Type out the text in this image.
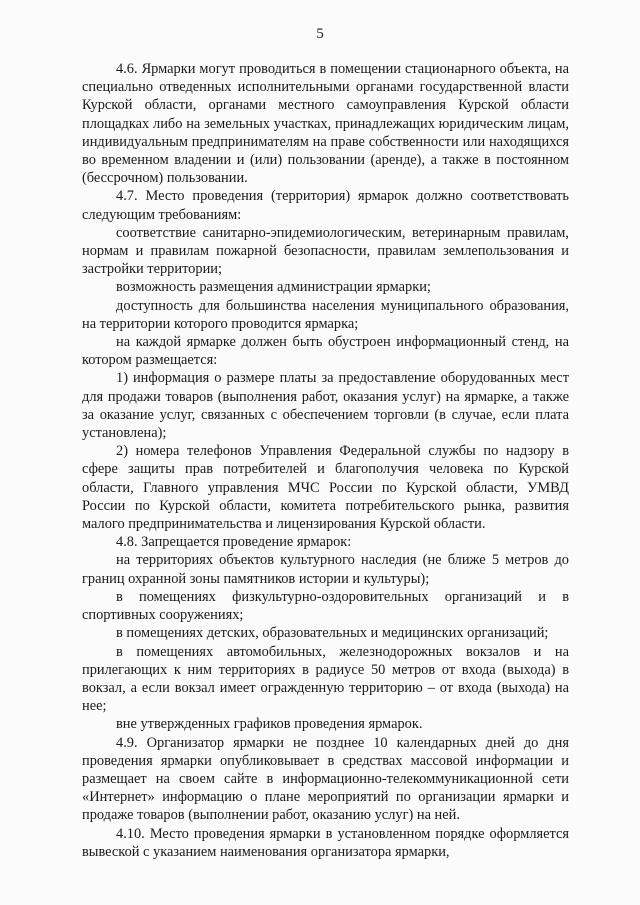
5

4.6. Ярмарки могут проводиться в помещении стационарного объекта, на специально отведенных исполнительными органами государственной власти Курской области, органами местного самоуправления Курской области площадках либо на земельных участках, принадлежащих юридическим лицам, индивидуальным предпринимателям на праве собственности или находящихся во временном владении и (или) пользовании (аренде), а также в постоянном (бессрочном) пользовании.

4.7. Место проведения (территория) ярмарок должно соответствовать следующим требованиям:

соответствие санитарно-эпидемиологическим, ветеринарным правилам, нормам и правилам пожарной безопасности, правилам землепользования и застройки территории;

возможность размещения администрации ярмарки;

доступность для большинства населения муниципального образования, на территории которого проводится ярмарка;

на каждой ярмарке должен быть обустроен информационный стенд, на котором размещается:

1) информация о размере платы за предоставление оборудованных мест для продажи товаров (выполнения работ, оказания услуг) на ярмарке, а также за оказание услуг, связанных с обеспечением торговли (в случае, если плата установлена);

2) номера телефонов Управления Федеральной службы по надзору в сфере защиты прав потребителей и благополучия человека по Курской области, Главного управления МЧС России по Курской области, УМВД России по Курской области, комитета потребительского рынка, развития малого предпринимательства и лицензирования Курской области.

4.8. Запрещается проведение ярмарок:

на территориях объектов культурного наследия (не ближе 5 метров до границ охранной зоны памятников истории и культуры);

в помещениях физкультурно-оздоровительных организаций и в спортивных сооружениях;

в помещениях детских, образовательных и медицинских организаций;

в помещениях автомобильных, железнодорожных вокзалов и на прилегающих к ним территориях в радиусе 50 метров от входа (выхода) в вокзал, а если вокзал имеет огражденную территорию – от входа (выхода) на нее;

вне утвержденных графиков проведения ярмарок.

4.9. Организатор ярмарки не позднее 10 календарных дней до дня проведения ярмарки опубликовывает в средствах массовой информации и размещает на своем сайте в информационно-телекоммуникационной сети «Интернет» информацию о плане мероприятий по организации ярмарки и продаже товаров (выполнении работ, оказанию услуг) на ней.

4.10. Место проведения ярмарки в установленном порядке оформляется вывеской с указанием наименования организатора ярмарки,
